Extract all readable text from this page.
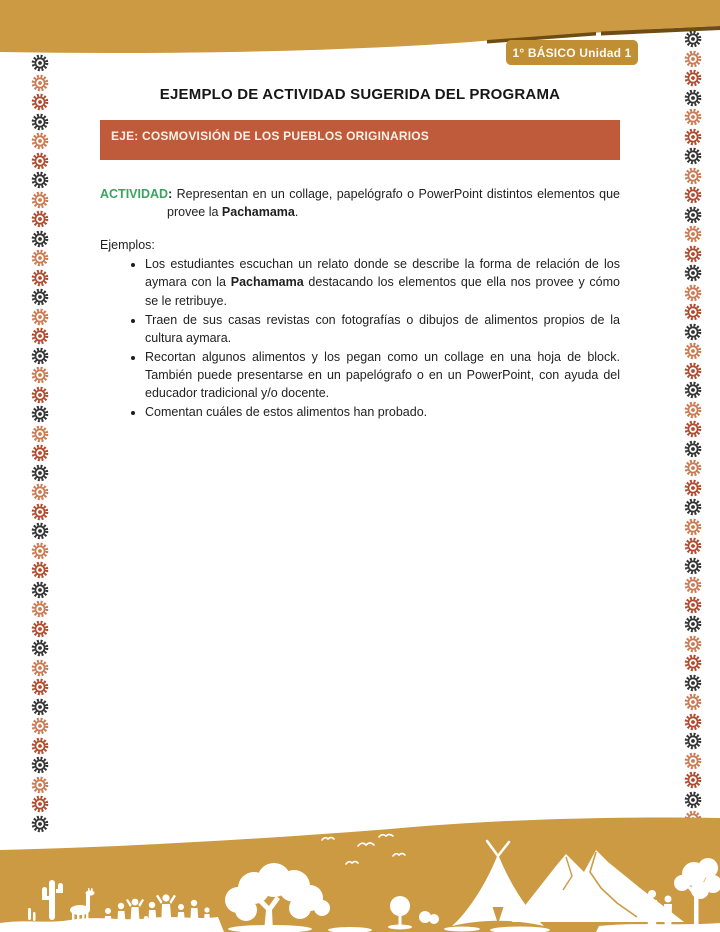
1° BÁSICO Unidad 1
EJEMPLO DE ACTIVIDAD SUGERIDA DEL PROGRAMA
EJE: COSMOVISIÓN DE LOS PUEBLOS ORIGINARIOS

ACTIVIDAD: Representan en un collage, papelógrafo o PowerPoint distintos elementos que provee la Pachamama.

Ejemplos:

• Los estudiantes escuchan un relato donde se describe la forma de relación de los aymara con la Pachamama destacando los elementos que ella nos provee y cómo se le retribuye.
• Traen de sus casas revistas con fotografías o dibujos de alimentos propios de la cultura aymara.
• Recortan algunos alimentos y los pegan como un collage en una hoja de block. También puede presentarse en un papelógrafo o en un PowerPoint, con ayuda del educador tradicional y/o docente.
• Comentan cuáles de estos alimentos han probado.
